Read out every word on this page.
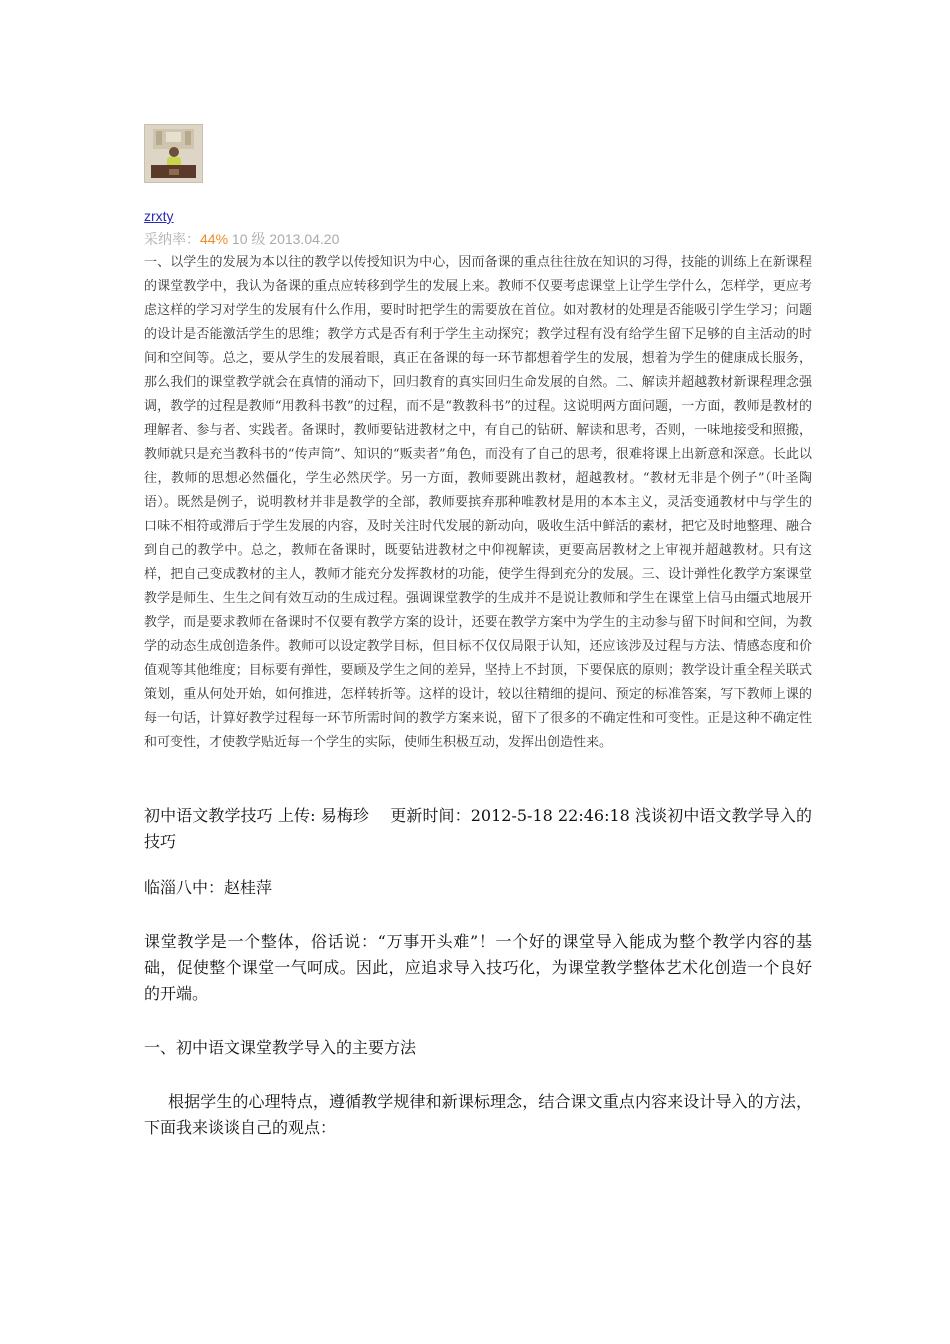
zrxty
采纳率：44% 10 级 2013.04.20

一、以学生的发展为本以往的教学以传授知识为中心，因而备课的重点往往放在知识的习得，技能的训练上在新课程的课堂教学中，我认为备课的重点应转移到学生的发展上来。教师不仅要考虑课堂上让学生学什么，怎样学，更应考虑这样的学习对学生的发展有什么作用，要时时把学生的需要放在首位。如对教材的处理是否能吸引学生学习；问题的设计是否能激活学生的思维；教学方式是否有利于学生主动探究；教学过程有没有给学生留下足够的自主活动的时间和空间等。总之，要从学生的发展着眼，真正在备课的每一环节都想着学生的发展，想着为学生的健康成长服务，那么我们的课堂教学就会在真情的涌动下，回归教育的真实回归生命发展的自然。二、解读并超越教材新课程理念强调，教学的过程是教师“用教科书教”的过程，而不是“教教科书”的过程。这说明两方面问题，一方面，教师是教材的理解者、参与者、实践者。备课时，教师要钻进教材之中，有自己的钻研、解读和思考，否则，一味地接受和照搬，教师就只是充当教科书的“传声筒”、知识的“贩卖者”角色，而没有了自己的思考，很难将课上出新意和深意。长此以往，教师的思想必然僵化，学生必然厌学。另一方面，教师要跳出教材，超越教材。“教材无非是个例子”（叶圣陶语）。既然是例子，说明教材并非是教学的全部，教师要摈弃那种唯教材是用的本本主义，灵活变通教材中与学生的口味不相符或滞后于学生发展的内容，及时关注时代发展的新动向，吸收生活中鲜活的素材，把它及时地整理、融合到自己的教学中。总之，教师在备课时，既要钻进教材之中仰视解读，更要高居教材之上审视并超越教材。只有这样，把自己变成教材的主人，教师才能充分发挥教材的功能，使学生得到充分的发展。三、设计弹性化教学方案课堂教学是师生、生生之间有效互动的生成过程。强调课堂教学的生成并不是说让教师和学生在课堂上信马由缰式地展开教学，而是要求教师在备课时不仅要有教学方案的设计，还要在教学方案中为学生的主动参与留下时间和空间，为教学的动态生成创造条件。教师可以设定教学目标，但目标不仅仅局限于认知，还应该涉及过程与方法、情感态度和价值观等其他维度；目标要有弹性，要顾及学生之间的差异，坚持上不封顶，下要保底的原则；教学设计重全程关联式策划，重从何处开始，如何推进，怎样转折等。这样的设计，较以往精细的提问、预定的标准答案，写下教师上课的每一句话，计算好教学过程每一环节所需时间的教学方案来说，留下了很多的不确定性和可变性。正是这种不确定性和可变性，才使教学贴近每一个学生的实际，使师生积极互动，发挥出创造性来。

初中语文教学技巧 上传: 易梅珍　 更新时间：2012-5-18 22:46:18 浅谈初中语文教学导入的技巧

临淄八中：赵桂萍

课堂教学是一个整体，俗话说：“万事开头难”！一个好的课堂导入能成为整个教学内容的基础，促使整个课堂一气呵成。因此，应追求导入技巧化，为课堂教学整体艺术化创造一个良好的开端。

一、初中语文课堂教学导入的主要方法

根据学生的心理特点，遵循教学规律和新课标理念，结合课文重点内容来设计导入的方法，下面我来谈谈自己的观点：
